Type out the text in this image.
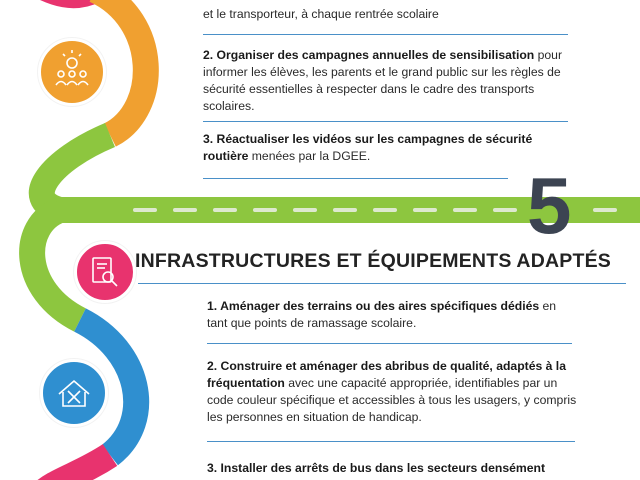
5
et le transporteur, à chaque rentrée scolaire
2. Organiser des campagnes annuelles de sensibilisation pour informer les élèves, les parents et le grand public sur les règles de sécurité essentielles à respecter dans le cadre des transports scolaires.
3. Réactualiser les vidéos sur les campagnes de sécurité routière menées par la DGEE.
INFRASTRUCTURES ET ÉQUIPEMENTS ADAPTÉS
1. Aménager des terrains ou des aires spécifiques dédiés en tant que points de ramassage scolaire.
2. Construire et aménager des abribus de qualité, adaptés à la fréquentation avec une capacité appropriée, identifiables par un code couleur spécifique et accessibles à tous les usagers, y compris les personnes en situation de handicap.
3. Installer des arrêts de bus dans les secteurs densément
